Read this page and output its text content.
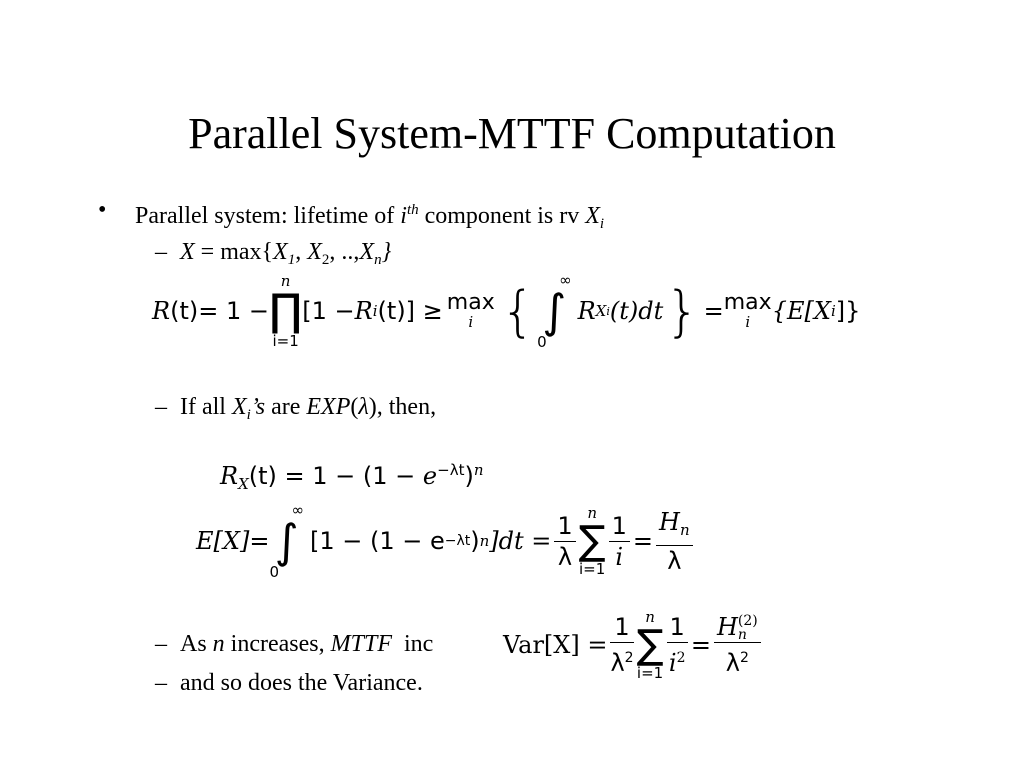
Parallel System-MTTF Computation
• Parallel system: lifetime of $i^{th}$ component is rv $X_i$
– $X = \max\{X_1$, $X_2$, $..,X_n$}
R (t) = 1 −
n
∏
i=1
[1 − R i (t)] ≥ max
i {	∞
∫
0
R X i (t)dt } = max
i {E[X i ]}
– If all $X_i’s$ are EXP(λ), then,
$R_X(t) = 1 - (1 - e^{-\lambda t})^n$
E[X] =
∞
∫
0
[1 − (1 − e −λt ) n ]$dt = \frac{1}{\lambda}$ n
∑
$i=1 \frac{1}{i} = \frac{H_n}{\lambda}$
– As n increases, MTTF  inc	$Var[X] = \frac{1}{\lambda^2}$ n
∑
$i=1 \frac{1}{i^2} = H$ (2)
n
$\lambda^2$
– and so does the Variance.
